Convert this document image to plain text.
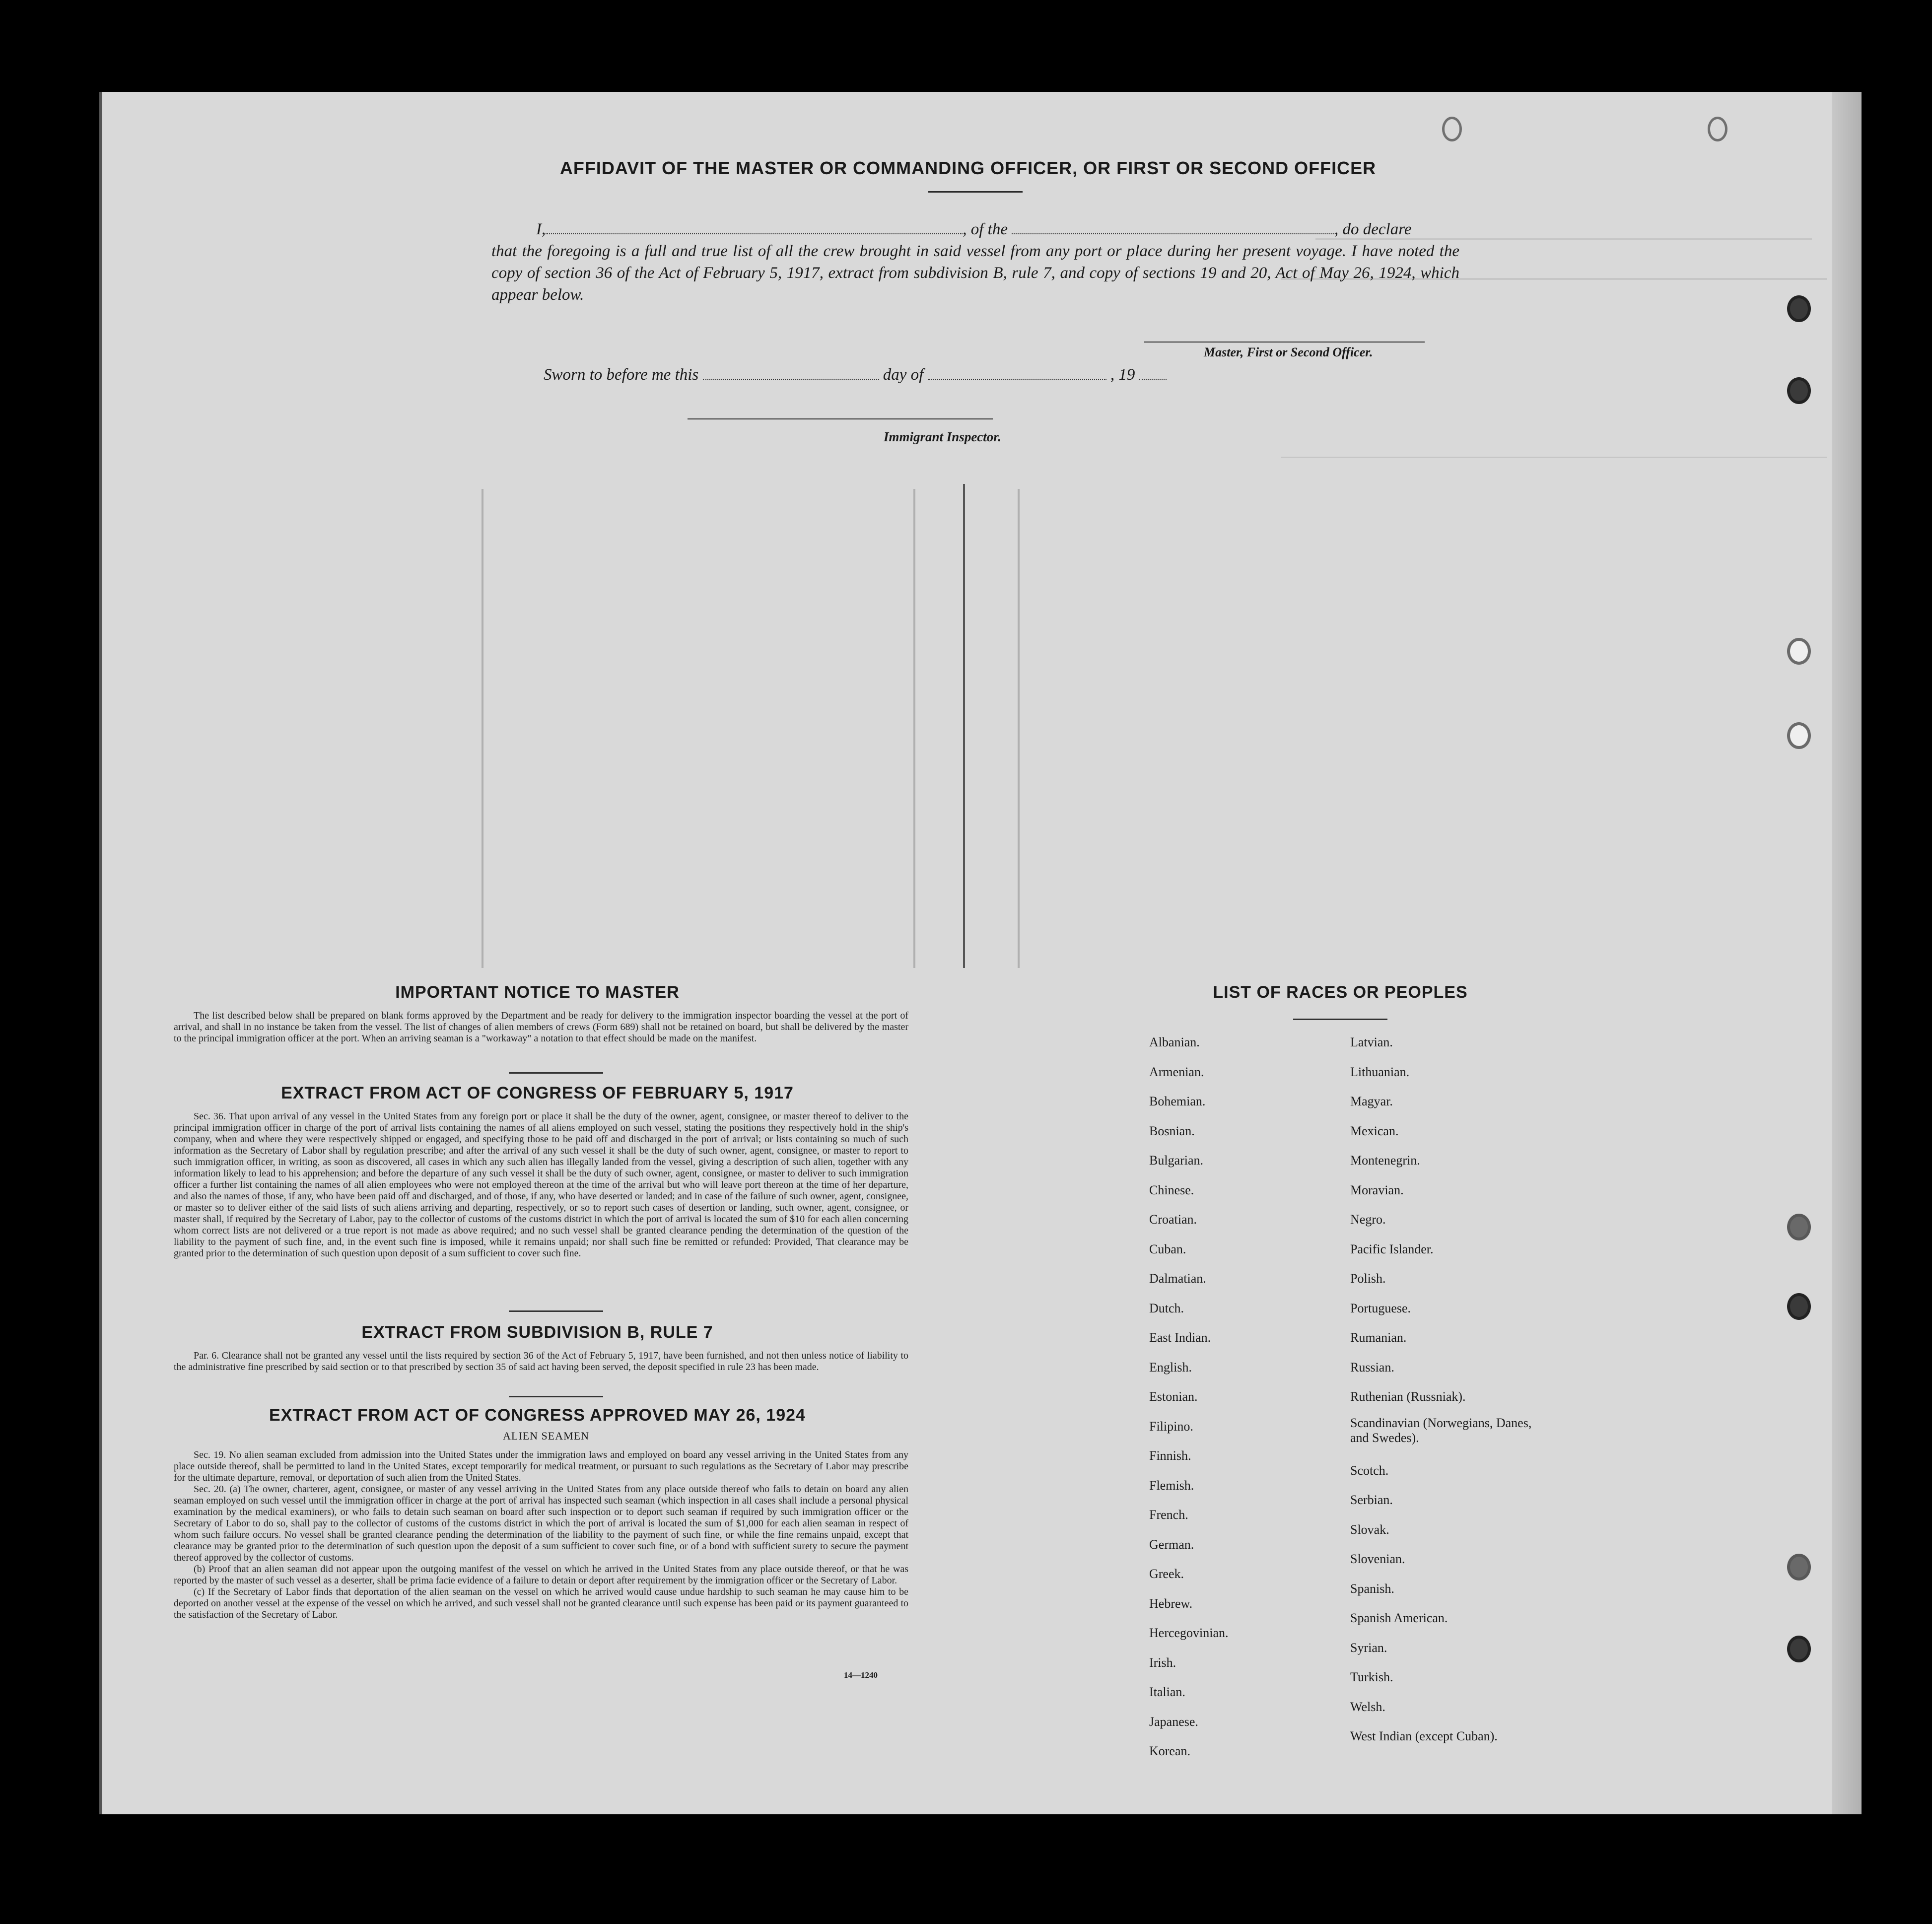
AFFIDAVIT OF THE MASTER OR COMMANDING OFFICER, OR FIRST OR SECOND OFFICER
I,	, of the	, do declare
that the foregoing is a full and true list of all the crew brought in said vessel from any port or place during her present voyage. I have noted the copy of section 36 of the Act of February 5, 1917, extract from subdivision B, rule 7, and copy of sections 19 and 20, Act of May 26, 1924, which appear below.
Master, First or Second Officer.
Sworn to before me this	day of	, 19
Immigrant Inspector.
IMPORTANT NOTICE TO MASTER

The list described below shall be prepared on blank forms approved by the Department and be ready for delivery to the immigration inspector boarding the vessel at the port of arrival, and shall in no instance be taken from the vessel. The list of changes of alien members of crews (Form 689) shall not be retained on board, but shall be delivered by the master to the principal immigration officer at the port. When an arriving seaman is a "workaway" a notation to that effect should be made on the manifest.

EXTRACT FROM ACT OF CONGRESS OF FEBRUARY 5, 1917

Sec. 36. That upon arrival of any vessel in the United States from any foreign port or place it shall be the duty of the owner, agent, consignee, or master thereof to deliver to the principal immigration officer in charge of the port of arrival lists containing the names of all aliens employed on such vessel, stating the positions they respectively hold in the ship's company, when and where they were respectively shipped or engaged, and specifying those to be paid off and discharged in the port of arrival; or lists containing so much of such information as the Secretary of Labor shall by regulation prescribe; and after the arrival of any such vessel it shall be the duty of such owner, agent, consignee, or master to report to such immigration officer, in writing, as soon as discovered, all cases in which any such alien has illegally landed from the vessel, giving a description of such alien, together with any information likely to lead to his apprehension; and before the departure of any such vessel it shall be the duty of such owner, agent, consignee, or master to deliver to such immigration officer a further list containing the names of all alien employees who were not employed thereon at the time of the arrival but who will leave port thereon at the time of her departure, and also the names of those, if any, who have been paid off and discharged, and of those, if any, who have deserted or landed; and in case of the failure of such owner, agent, consignee, or master so to deliver either of the said lists of such aliens arriving and departing, respectively, or so to report such cases of desertion or landing, such owner, agent, consignee, or master shall, if required by the Secretary of Labor, pay to the collector of customs of the customs district in which the port of arrival is located the sum of $10 for each alien concerning whom correct lists are not delivered or a true report is not made as above required; and no such vessel shall be granted clearance pending the determination of the question of the liability to the payment of such fine, and, in the event such fine is imposed, while it remains unpaid; nor shall such fine be remitted or refunded: Provided, That clearance may be granted prior to the determination of such question upon deposit of a sum sufficient to cover such fine.

EXTRACT FROM SUBDIVISION B, RULE 7

Par. 6. Clearance shall not be granted any vessel until the lists required by section 36 of the Act of February 5, 1917, have been furnished, and not then unless notice of liability to the administrative fine prescribed by said section or to that prescribed by section 35 of said act having been served, the deposit specified in rule 23 has been made.

EXTRACT FROM ACT OF CONGRESS APPROVED MAY 26, 1924
ALIEN SEAMEN

Sec. 19. No alien seaman excluded from admission into the United States under the immigration laws and employed on board any vessel arriving in the United States from any place outside thereof, shall be permitted to land in the United States, except temporarily for medical treatment, or pursuant to such regulations as the Secretary of Labor may prescribe for the ultimate departure, removal, or deportation of such alien from the United States.

Sec. 20. (a) The owner, charterer, agent, consignee, or master of any vessel arriving in the United States from any place outside thereof who fails to detain on board any alien seaman employed on such vessel until the immigration officer in charge at the port of arrival has inspected such seaman (which inspection in all cases shall include a personal physical examination by the medical examiners), or who fails to detain such seaman on board after such inspection or to deport such seaman if required by such immigration officer or the Secretary of Labor to do so, shall pay to the collector of customs of the customs district in which the port of arrival is located the sum of $1,000 for each alien seaman in respect of whom such failure occurs. No vessel shall be granted clearance pending the determination of the liability to the payment of such fine, or while the fine remains unpaid, except that clearance may be granted prior to the determination of such question upon the deposit of a sum sufficient to cover such fine, or of a bond with sufficient surety to secure the payment thereof approved by the collector of customs.

(b) Proof that an alien seaman did not appear upon the outgoing manifest of the vessel on which he arrived in the United States from any place outside thereof, or that he was reported by the master of such vessel as a deserter, shall be prima facie evidence of a failure to detain or deport after requirement by the immigration officer or the Secretary of Labor.

(c) If the Secretary of Labor finds that deportation of the alien seaman on the vessel on which he arrived would cause undue hardship to such seaman he may cause him to be deported on another vessel at the expense of the vessel on which he arrived, and such vessel shall not be granted clearance until such expense has been paid or its payment guaranteed to the satisfaction of the Secretary of Labor.

14—1240
LIST OF RACES OR PEOPLES
Albanian.
Armenian.
Bohemian.
Bosnian.
Bulgarian.
Chinese.
Croatian.
Cuban.
Dalmatian.
Dutch.
East Indian.
English.
Estonian.
Filipino.
Finnish.
Flemish.
French.
German.
Greek.
Hebrew.
Hercegovinian.
Irish.
Italian.
Japanese.
Korean.
Latvian.
Lithuanian.
Magyar.
Mexican.
Montenegrin.
Moravian.
Negro.
Pacific Islander.
Polish.
Portuguese.
Rumanian.
Russian.
Ruthenian (Russniak).
Scandinavian (Norwegians, Danes, and Swedes).
Scotch.
Serbian.
Slovak.
Slovenian.
Spanish.
Spanish American.
Syrian.
Turkish.
Welsh.
West Indian (except Cuban).
